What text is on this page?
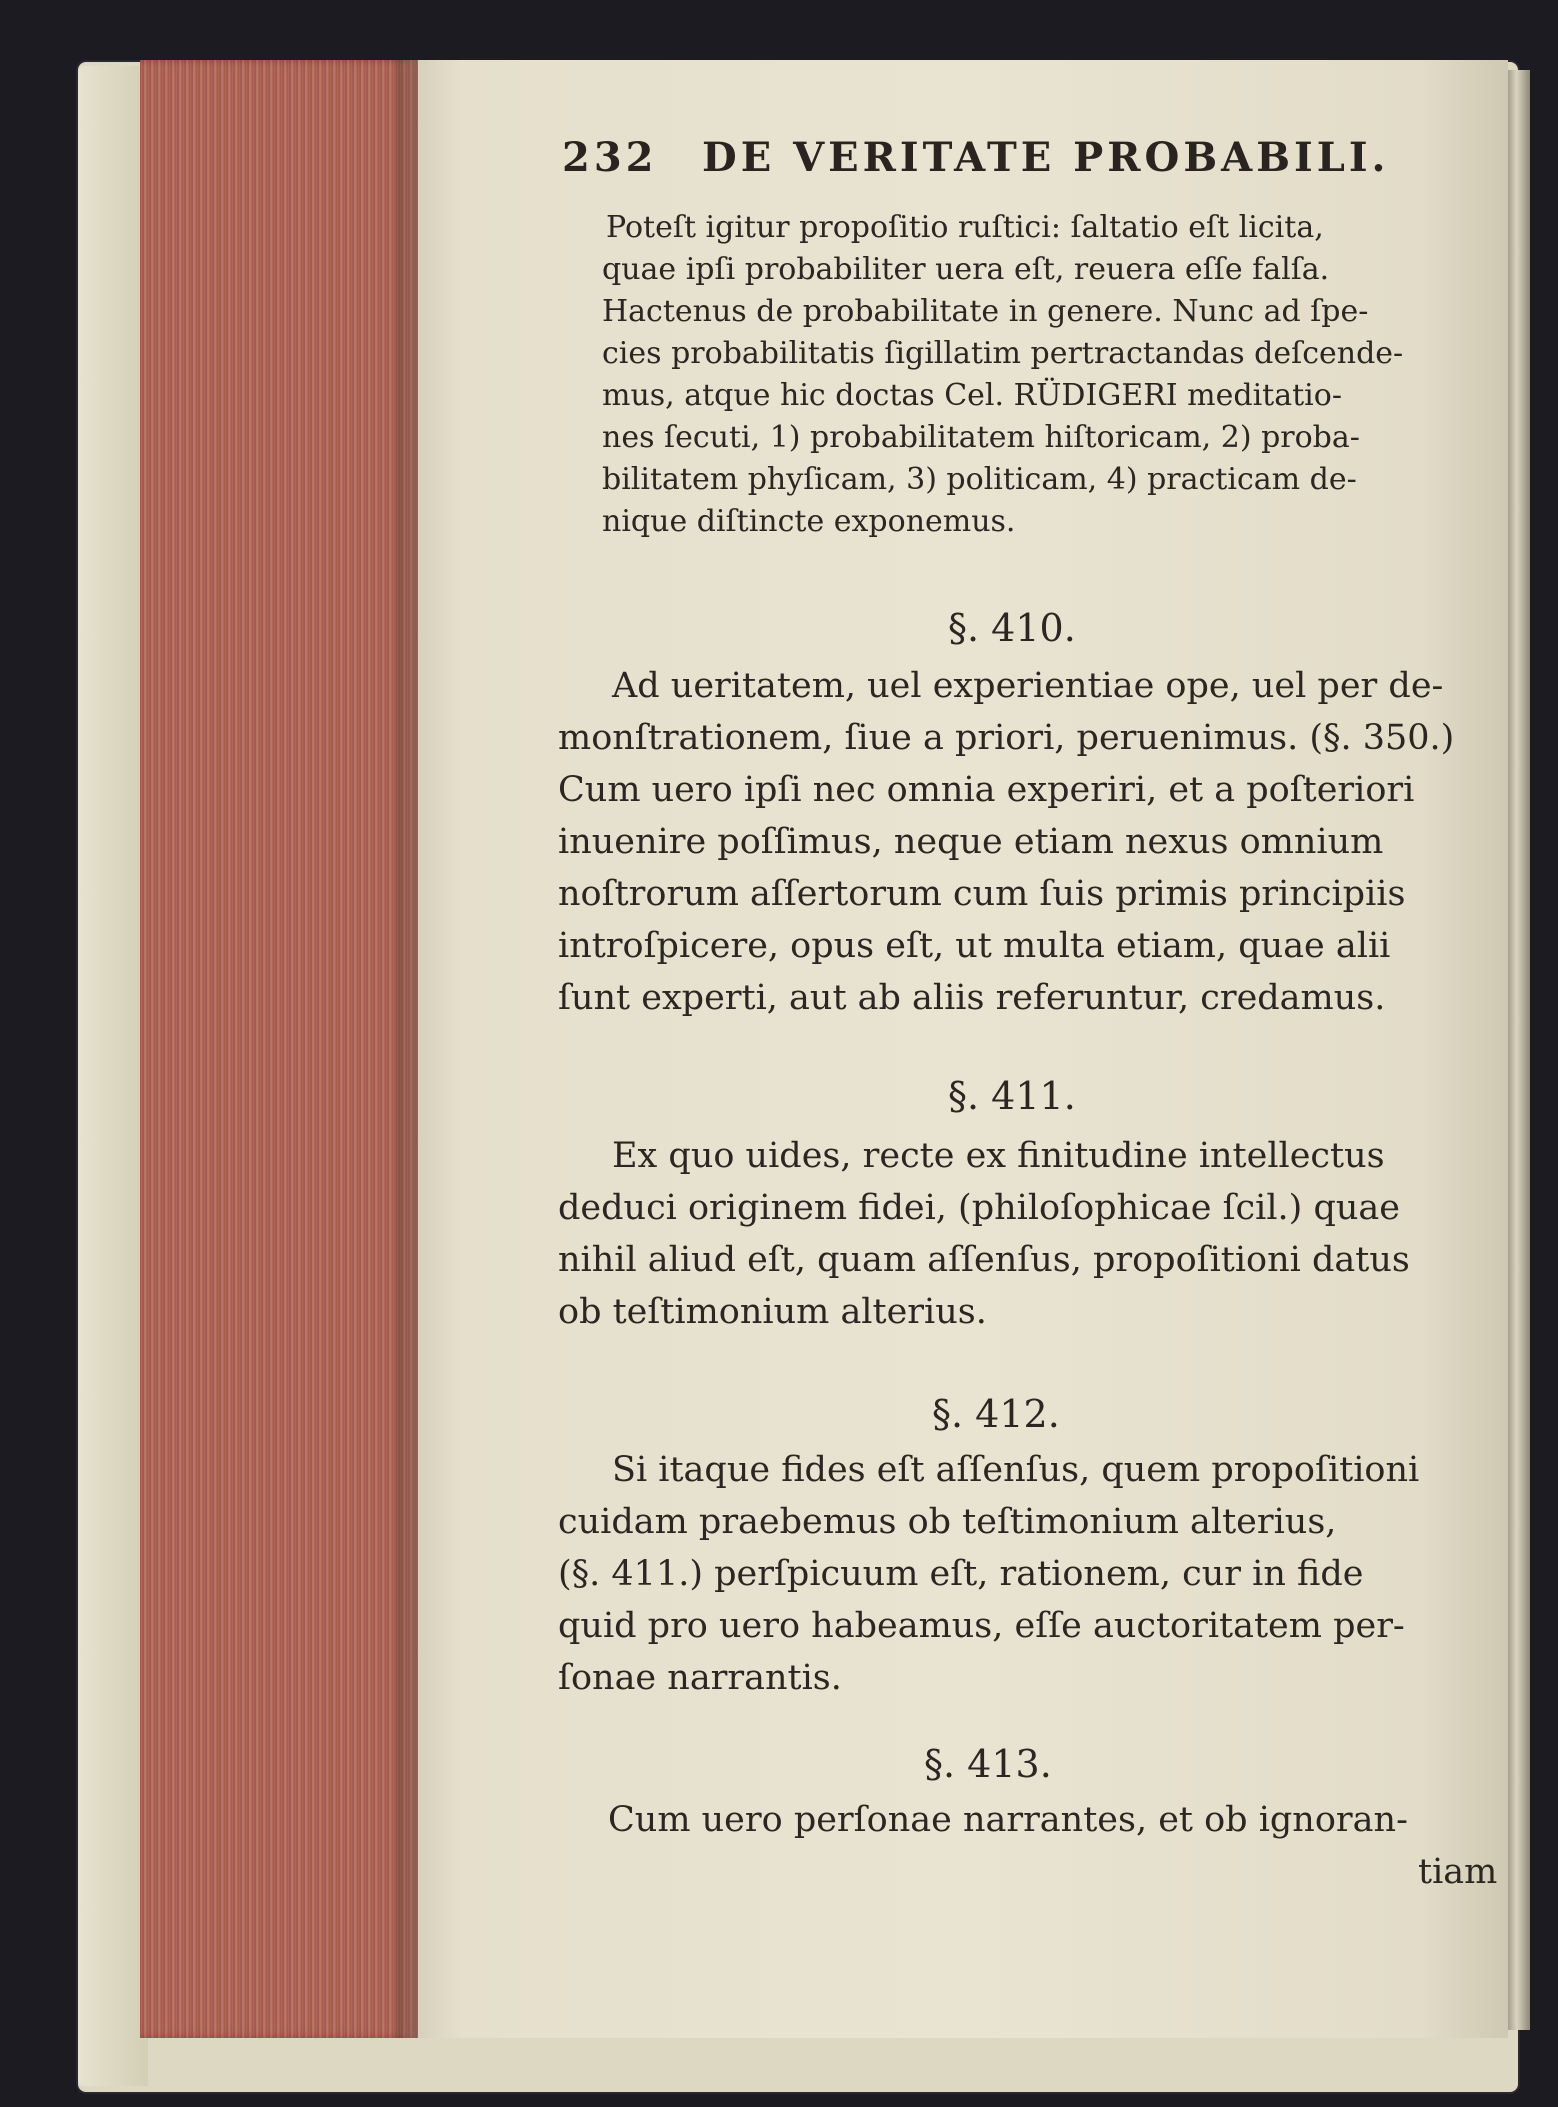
232 DE VERITATE PROBABILI.
Poteſt igitur propoſitio ruſtici: ſaltatio eſt licita,
quae ipſi probabiliter uera eſt, reuera eſſe falſa.
Hactenus de probabilitate in genere. Nunc ad ſpe-
cies probabilitatis ſigillatim pertractandas deſcende-
mus, atque hic doctas Cel. RÜDIGERI meditatio-
nes ſecuti, 1) probabilitatem hiſtoricam, 2) proba-
bilitatem phyſicam, 3) politicam, 4) practicam de-
nique diſtincte exponemus.
§. 410.
Ad ueritatem, uel experientiae ope, uel per de-
monſtrationem, ſiue a priori, peruenimus. (§. 350.)
Cum uero ipſi nec omnia experiri, et a poſteriori
inuenire poſſimus, neque etiam nexus omnium
noſtrorum aſſertorum cum ſuis primis principiis
introſpicere, opus eſt, ut multa etiam, quae alii
ſunt experti, aut ab aliis referuntur, credamus.
§. 411.
Ex quo uides, recte ex finitudine intellectus
deduci originem fidei, (philoſophicae ſcil.) quae
nihil aliud eſt, quam aſſenſus, propoſitioni datus
ob teſtimonium alterius.
§. 412.
Si itaque fides eſt aſſenſus, quem propoſitioni
cuidam praebemus ob teſtimonium alterius,
(§. 411.) perſpicuum eſt, rationem, cur in fide
quid pro uero habeamus, eſſe auctoritatem per-
ſonae narrantis.
§. 413.
Cum uero perſonae narrantes, et ob ignoran-
tiam
